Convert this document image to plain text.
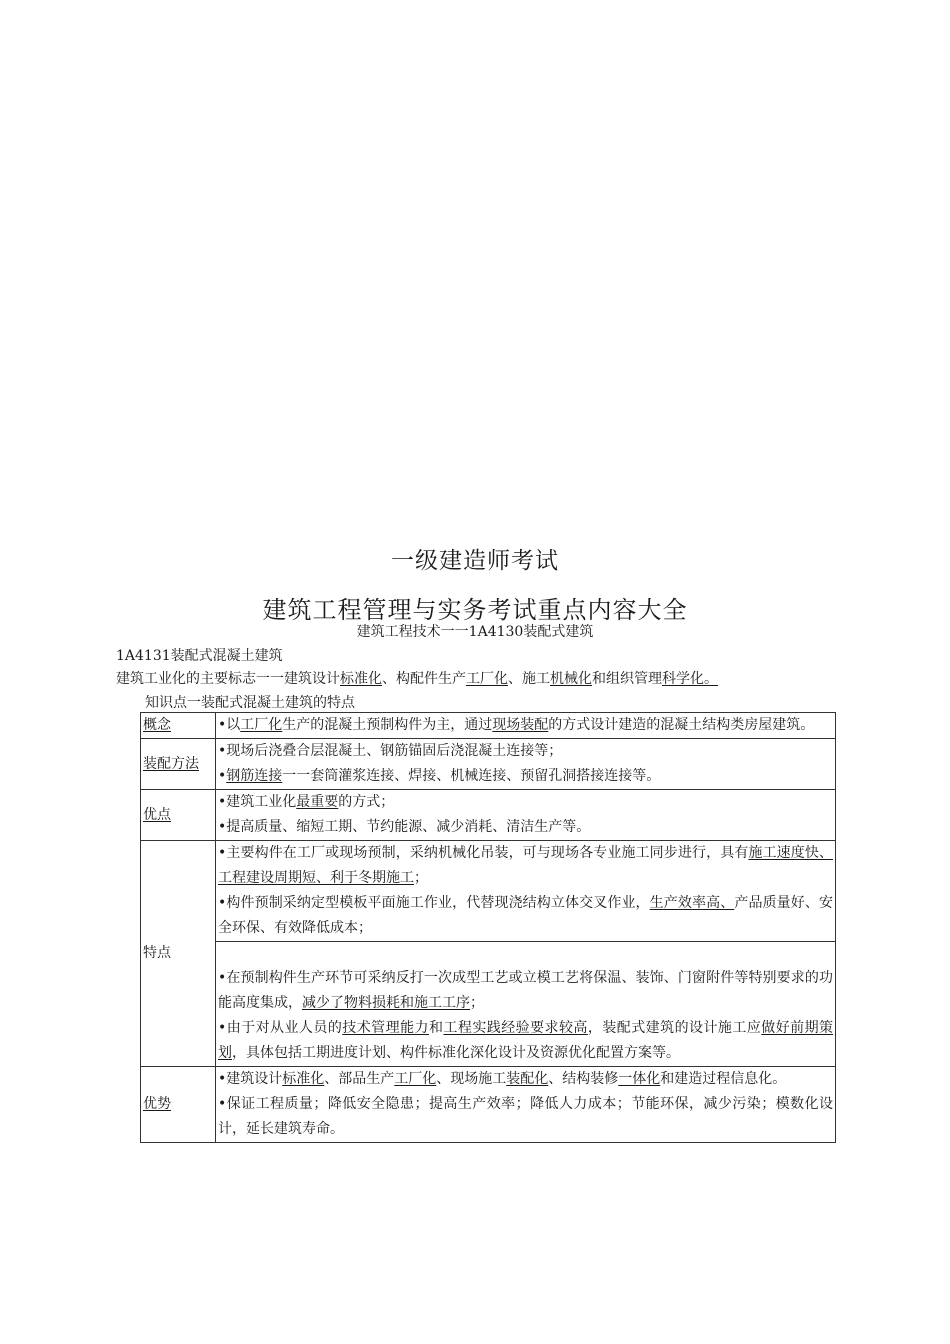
一级建造师考试
建筑工程管理与实务考试重点内容大全
建筑工程技术一一1A4130装配式建筑
1A4131装配式混凝土建筑
建筑工业化的主要标志一一建筑设计标准化、构配件生产工厂化、施工机械化和组织管理科学化。
知识点一装配式混凝土建筑的特点
概念	•以工厂化生产的混凝土预制构件为主，通过现场装配的方式设计建造的混凝土结构类房屋建筑。

装配方法	•现场后浇叠合层混凝土、钢筋锚固后浇混凝土连接等；
•钢筋连接一一套筒灌浆连接、焊接、机械连接、预留孔洞搭接连接等。

优点	•建筑工业化最重要的方式；
•提高质量、缩短工期、节约能源、减少消耗、清洁生产等。

特点	•主要构件在工厂或现场预制，采纳机械化吊装，可与现场各专业施工同步进行，具有施工速度快、工程建设周期短、利于冬期施工；
•构件预制采纳定型模板平面施工作业，代替现浇结构立体交叉作业，生产效率高、产品质量好、安全环保、有效降低成本；

	•在预制构件生产环节可采纳反打一次成型工艺或立模工艺将保温、装饰、门窗附件等特别要求的功能高度集成，减少了物料损耗和施工工序；
•由于对从业人员的技术管理能力和工程实践经验要求较高，装配式建筑的设计施工应做好前期策划，具体包括工期进度计划、构件标准化深化设计及资源优化配置方案等。

优势	•建筑设计标准化、部品生产工厂化、现场施工装配化、结构装修一体化和建造过程信息化。
•保证工程质量；降低安全隐患；提高生产效率；降低人力成本；节能环保，减少污染；模数化设计，延长建筑寿命。
